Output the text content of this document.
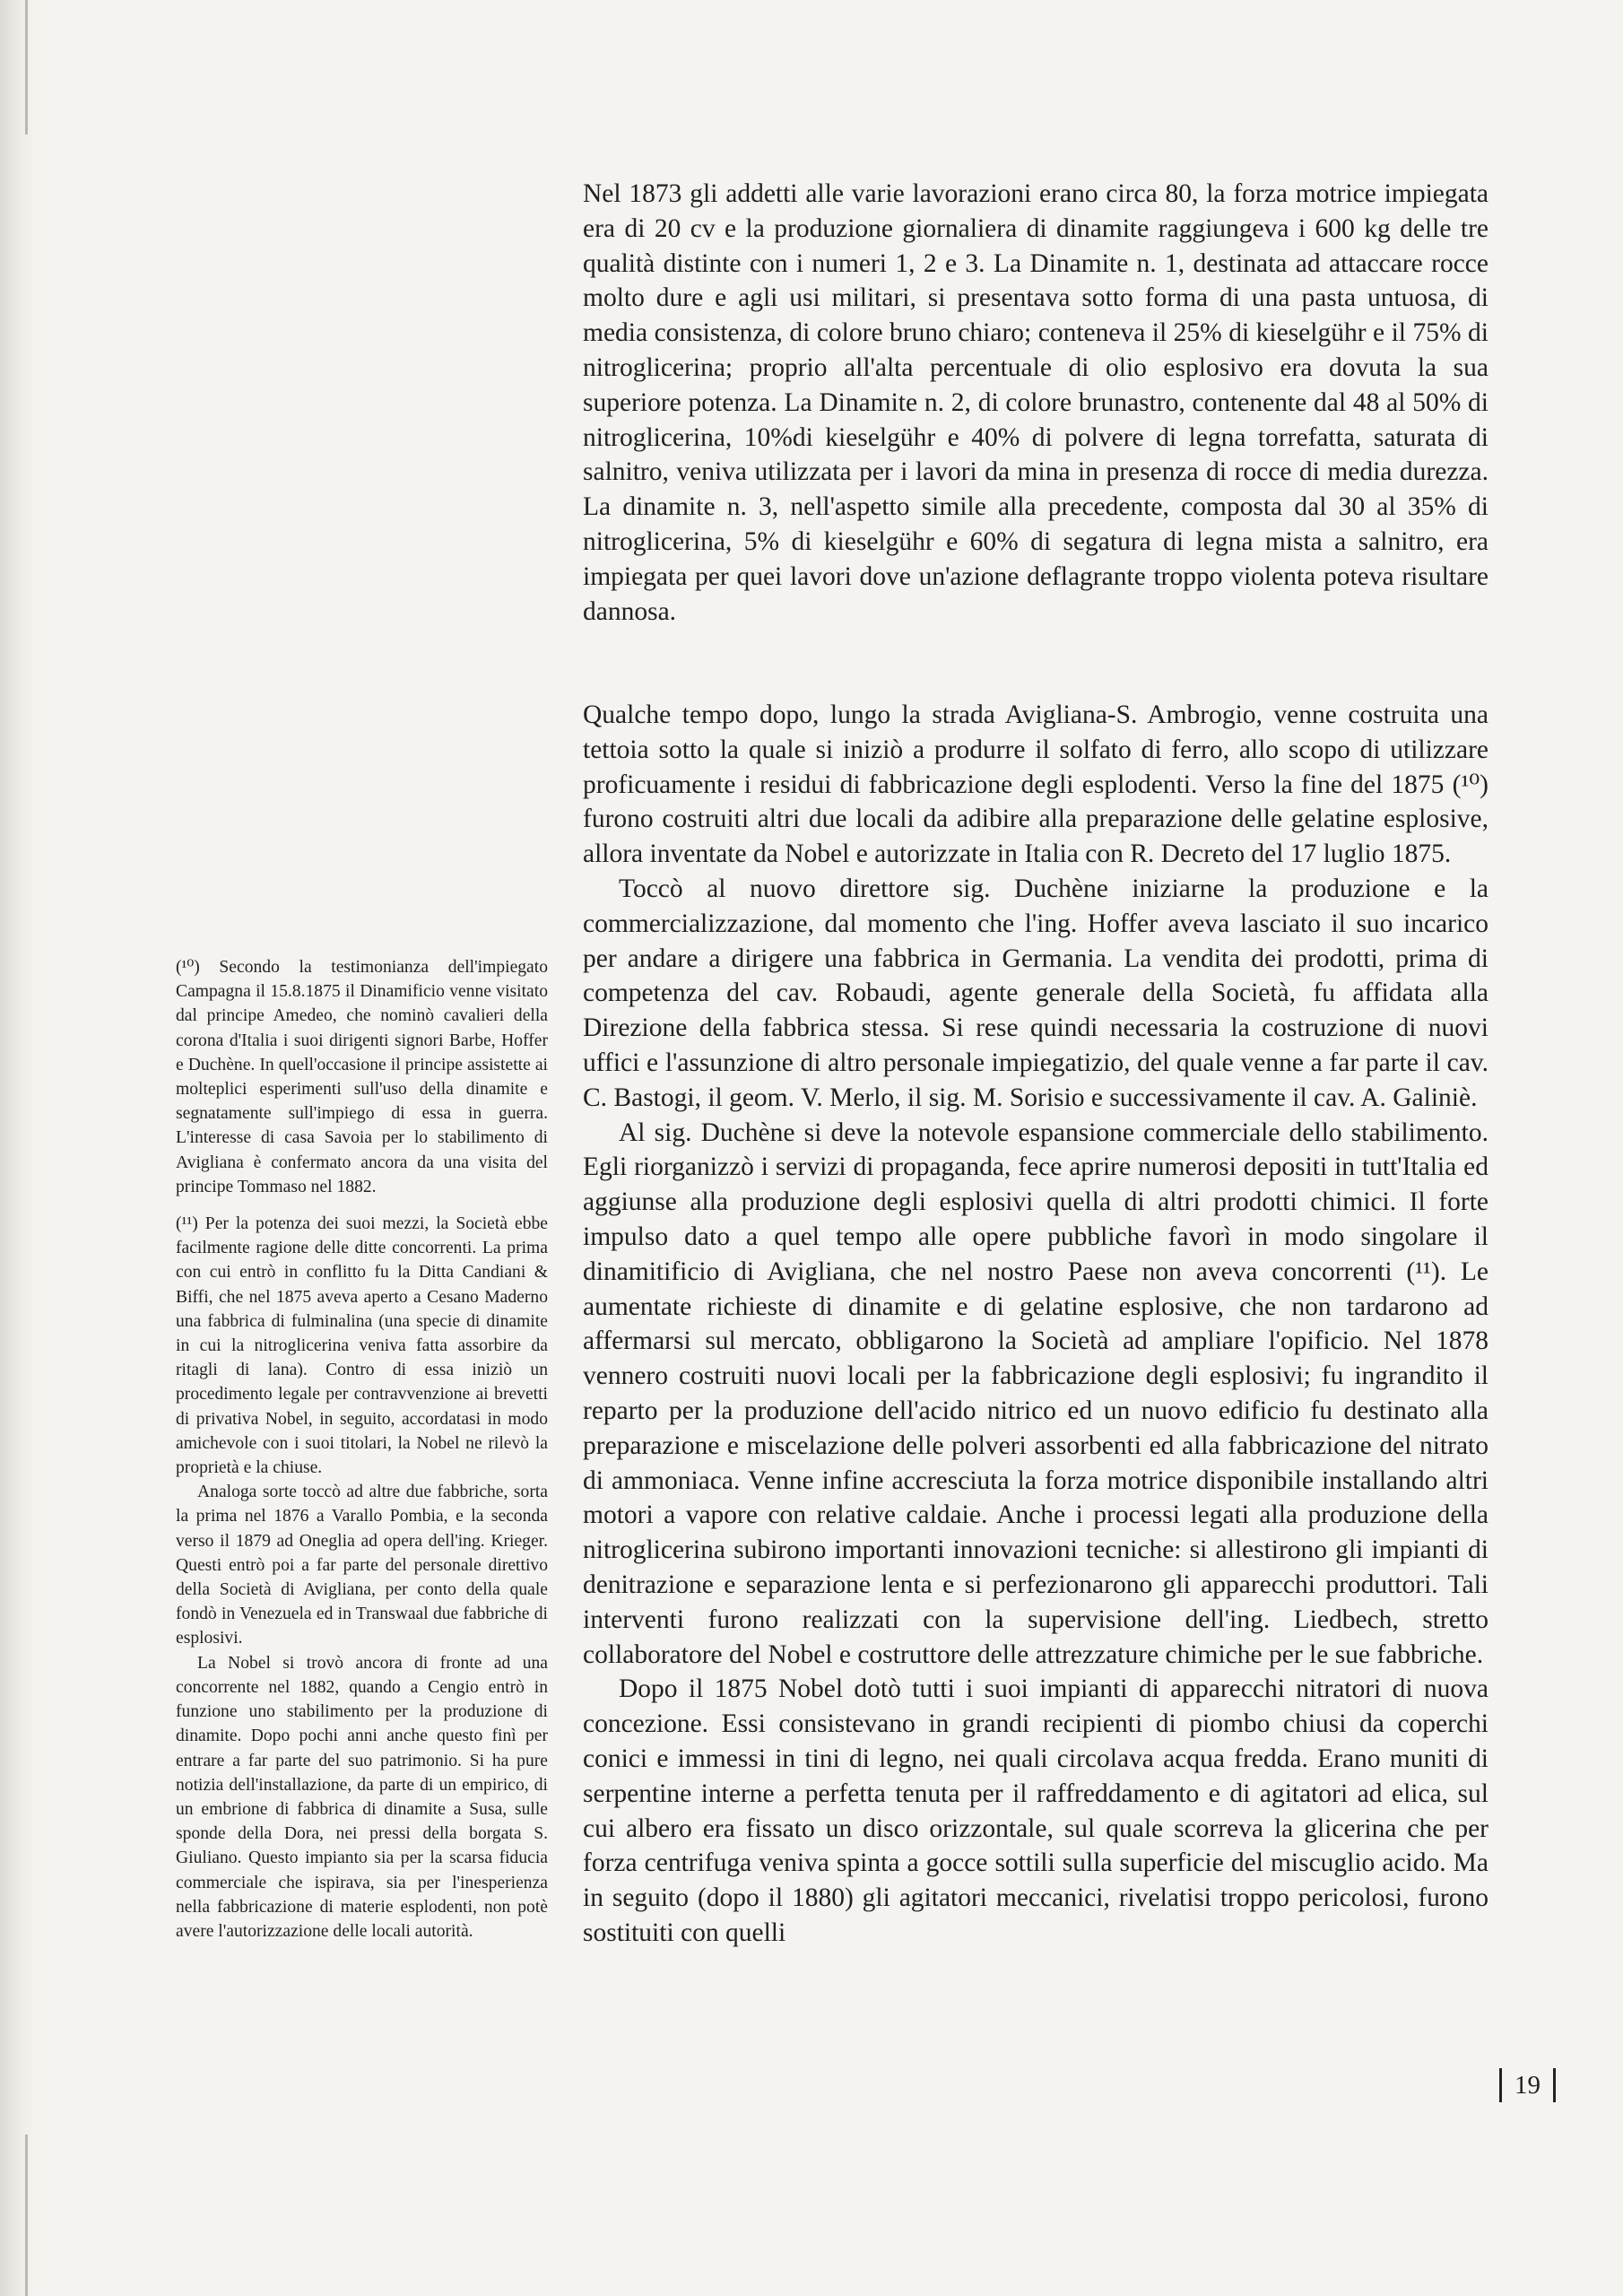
Nel 1873 gli addetti alle varie lavorazioni erano circa 80, la forza motrice impiegata era di 20 cv e la produzione giornaliera di dinamite raggiungeva i 600 kg delle tre qualità distinte con i numeri 1, 2 e 3. La Dinamite n. 1, destinata ad attaccare rocce molto dure e agli usi militari, si presentava sotto forma di una pasta untuosa, di media consistenza, di colore bruno chiaro; conteneva il 25% di kieselgühr e il 75% di nitroglicerina; proprio all'alta percentuale di olio esplosivo era dovuta la sua superiore potenza. La Dinamite n. 2, di colore brunastro, contenente dal 48 al 50% di nitroglicerina, 10%di kieselgühr e 40% di polvere di legna torrefatta, saturata di salnitro, veniva utilizzata per i lavori da mina in presenza di rocce di media durezza. La dinamite n. 3, nell'aspetto simile alla precedente, composta dal 30 al 35% di nitroglicerina, 5% di kieselgühr e 60% di segatura di legna mista a salnitro, era impiegata per quei lavori dove un'azione deflagrante troppo violenta poteva risultare dannosa.

Qualche tempo dopo, lungo la strada Avigliana-S. Ambrogio, venne costruita una tettoia sotto la quale si iniziò a produrre il solfato di ferro, allo scopo di utilizzare proficuamente i residui di fabbricazione degli esplodenti. Verso la fine del 1875 (¹⁰) furono costruiti altri due locali da adibire alla preparazione delle gelatine esplosive, allora inventate da Nobel e autorizzate in Italia con R. Decreto del 17 luglio 1875.

Toccò al nuovo direttore sig. Duchène iniziarne la produzione e la commercializzazione, dal momento che l'ing. Hoffer aveva lasciato il suo incarico per andare a dirigere una fabbrica in Germania. La vendita dei prodotti, prima di competenza del cav. Robaudi, agente generale della Società, fu affidata alla Direzione della fabbrica stessa. Si rese quindi necessaria la costruzione di nuovi uffici e l'assunzione di altro personale impiegatizio, del quale venne a far parte il cav. C. Bastogi, il geom. V. Merlo, il sig. M. Sorisio e successivamente il cav. A. Galiniè.

Al sig. Duchène si deve la notevole espansione commerciale dello stabilimento. Egli riorganizzò i servizi di propaganda, fece aprire numerosi depositi in tutt'Italia ed aggiunse alla produzione degli esplosivi quella di altri prodotti chimici. Il forte impulso dato a quel tempo alle opere pubbliche favorì in modo singolare il dinamitificio di Avigliana, che nel nostro Paese non aveva concorrenti (¹¹). Le aumentate richieste di dinamite e di gelatine esplosive, che non tardarono ad affermarsi sul mercato, obbligarono la Società ad ampliare l'opificio. Nel 1878 vennero costruiti nuovi locali per la fabbricazione degli esplosivi; fu ingrandito il reparto per la produzione dell'acido nitrico ed un nuovo edificio fu destinato alla preparazione e miscelazione delle polveri assorbenti ed alla fabbricazione del nitrato di ammoniaca. Venne infine accresciuta la forza motrice disponibile installando altri motori a vapore con relative caldaie. Anche i processi legati alla produzione della nitroglicerina subirono importanti innovazioni tecniche: si allestirono gli impianti di denitrazione e separazione lenta e si perfezionarono gli apparecchi produttori. Tali interventi furono realizzati con la supervisione dell'ing. Liedbech, stretto collaboratore del Nobel e costruttore delle attrezzature chimiche per le sue fabbriche.

Dopo il 1875 Nobel dotò tutti i suoi impianti di apparecchi nitratori di nuova concezione. Essi consistevano in grandi recipienti di piombo chiusi da coperchi conici e immessi in tini di legno, nei quali circolava acqua fredda. Erano muniti di serpentine interne a perfetta tenuta per il raffreddamento e di agitatori ad elica, sul cui albero era fissato un disco orizzontale, sul quale scorreva la glicerina che per forza centrifuga veniva spinta a gocce sottili sulla superficie del miscuglio acido. Ma in seguito (dopo il 1880) gli agitatori meccanici, rivelatisi troppo pericolosi, furono sostituiti con quelli

(¹⁰) Secondo la testimonianza dell'impiegato Campagna il 15.8.1875 il Dinamificio venne visitato dal principe Amedeo, che nominò cavalieri della corona d'Italia i suoi dirigenti signori Barbe, Hoffer e Duchène. In quell'occasione il principe assistette ai molteplici esperimenti sull'uso della dinamite e segnatamente sull'impiego di essa in guerra. L'interesse di casa Savoia per lo stabilimento di Avigliana è confermato ancora da una visita del principe Tommaso nel 1882.

(¹¹) Per la potenza dei suoi mezzi, la Società ebbe facilmente ragione delle ditte concorrenti. La prima con cui entrò in conflitto fu la Ditta Candiani & Biffi, che nel 1875 aveva aperto a Cesano Maderno una fabbrica di fulminalina (una specie di dinamite in cui la nitroglicerina veniva fatta assorbire da ritagli di lana). Contro di essa iniziò un procedimento legale per contravvenzione ai brevetti di privativa Nobel, in seguito, accordatasi in modo amichevole con i suoi titolari, la Nobel ne rilevò la proprietà e la chiuse.

Analoga sorte toccò ad altre due fabbriche, sorta la prima nel 1876 a Varallo Pombia, e la seconda verso il 1879 ad Oneglia ad opera dell'ing. Krieger. Questi entrò poi a far parte del personale direttivo della Società di Avigliana, per conto della quale fondò in Venezuela ed in Transwaal due fabbriche di esplosivi.

La Nobel si trovò ancora di fronte ad una concorrente nel 1882, quando a Cengio entrò in funzione uno stabilimento per la produzione di dinamite. Dopo pochi anni anche questo finì per entrare a far parte del suo patrimonio. Si ha pure notizia dell'installazione, da parte di un empirico, di un embrione di fabbrica di dinamite a Susa, sulle sponde della Dora, nei pressi della borgata S. Giuliano. Questo impianto sia per la scarsa fiducia commerciale che ispirava, sia per l'inesperienza nella fabbricazione di materie esplodenti, non potè avere l'autorizzazione delle locali autorità.

19
